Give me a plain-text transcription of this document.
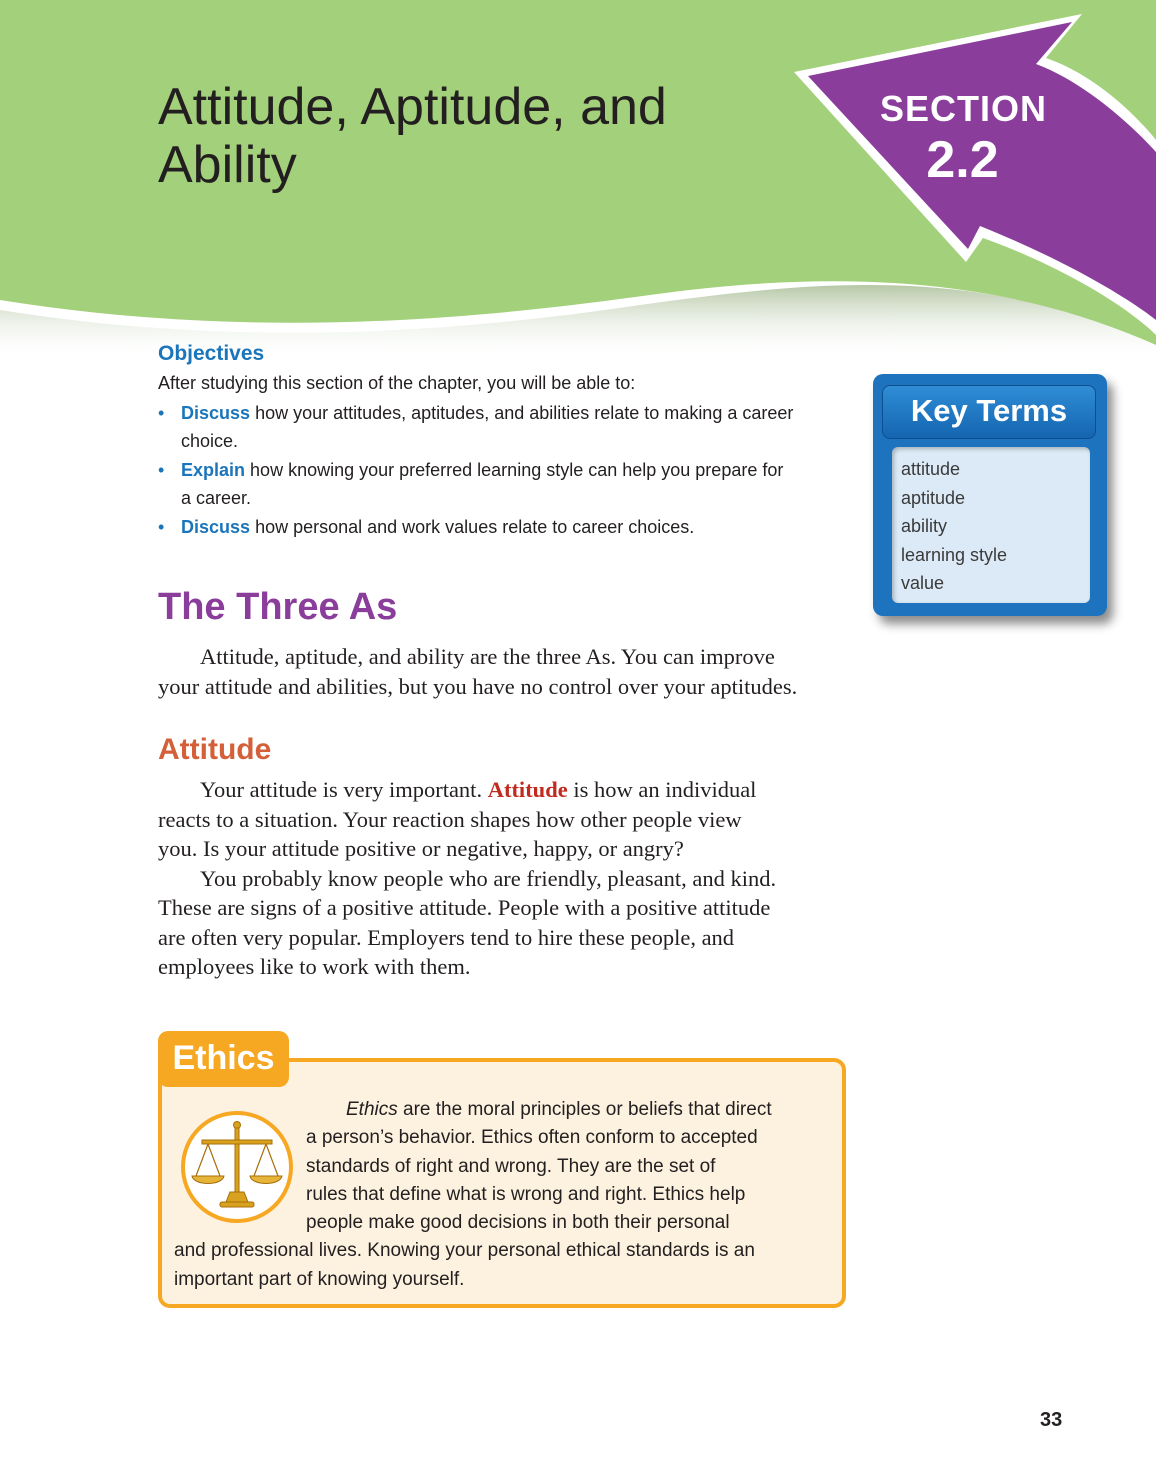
Attitude, Aptitude, and
Ability
SECTION
2.2
Objectives
After studying this section of the chapter, you will be able to:
• Discuss how your attitudes, aptitudes, and abilities relate to making a career
choice.
• Explain how knowing your preferred learning style can help you prepare for
a career.
• Discuss how personal and work values relate to career choices.
Key Terms
attitude
aptitude
ability
learning style
value
The Three As

Attitude, aptitude, and ability are the three As. You can improve
your attitude and abilities, but you have no control over your aptitudes.

Attitude
Your attitude is very important. Attitude is how an individual
reacts to a situation. Your reaction shapes how other people view
you. Is your attitude positive or negative, happy, or angry?
You probably know people who are friendly, pleasant, and kind.
These are signs of a positive attitude. People with a positive attitude
are often very popular. Employers tend to hire these people, and
employees like to work with them.
Ethics
Ethics are the moral principles or beliefs that direct
a person’s behavior. Ethics often conform to accepted
standards of right and wrong. They are the set of
rules that define what is wrong and right. Ethics help
people make good decisions in both their personal
and professional lives. Knowing your personal ethical standards is an
important part of knowing yourself.
33
